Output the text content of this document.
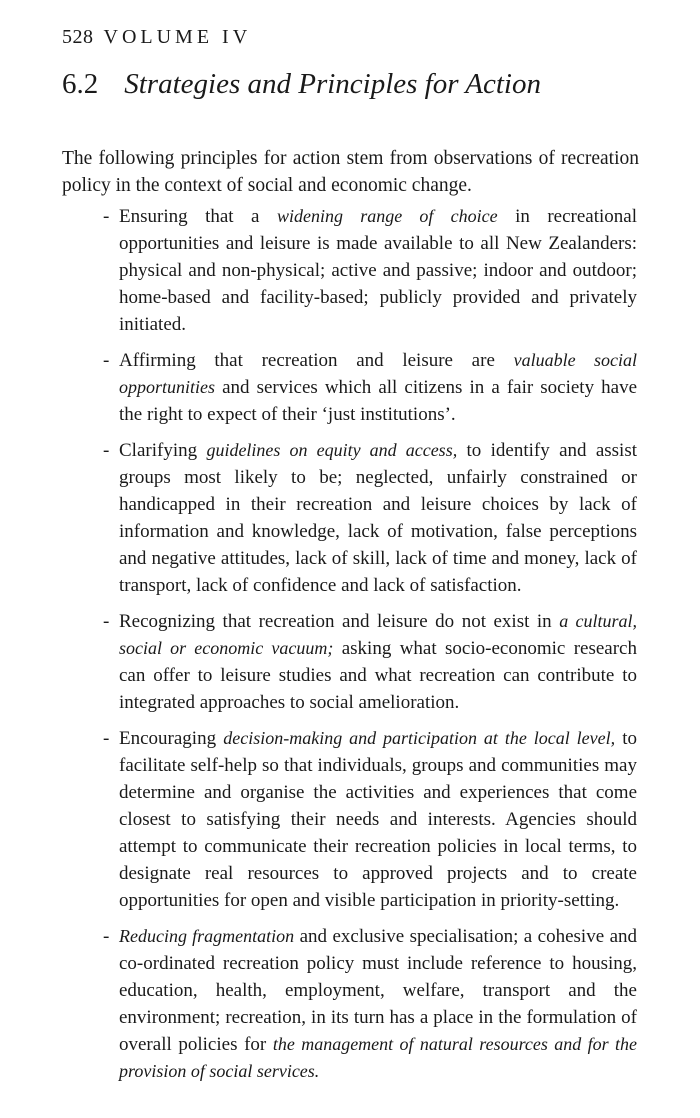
528 VOLUME IV
6.2 Strategies and Principles for Action

The following principles for action stem from observations of recreation policy in the context of social and economic change.

- Ensuring that a widening range of choice in recreational opportunities and leisure is made available to all New Zealanders: physical and non-physical; active and passive; indoor and outdoor; home-based and facility-based; publicly provided and privately initiated.
- Affirming that recreation and leisure are valuable social opportunities and services which all citizens in a fair society have the right to expect of their ‘just institutions’.
- Clarifying guidelines on equity and access, to identify and assist groups most likely to be; neglected, unfairly constrained or handicapped in their recreation and leisure choices by lack of information and knowledge, lack of motivation, false perceptions and negative attitudes, lack of skill, lack of time and money, lack of transport, lack of confidence and lack of satisfaction.
- Recognizing that recreation and leisure do not exist in a cultural, social or economic vacuum; asking what socio-economic research can offer to leisure studies and what recreation can contribute to integrated approaches to social amelioration.
- Encouraging decision-making and participation at the local level, to facilitate self-help so that individuals, groups and communities may determine and organise the activities and experiences that come closest to satisfying their needs and interests. Agencies should attempt to communicate their recreation policies in local terms, to designate real resources to approved projects and to create opportunities for open and visible participation in priority-setting.
- Reducing fragmentation and exclusive specialisation; a cohesive and co-ordinated recreation policy must include reference to housing, education, health, employment, welfare, transport and the environment; recreation, in its turn has a place in the formulation of overall policies for the management of natural resources and for the provision of social services.
